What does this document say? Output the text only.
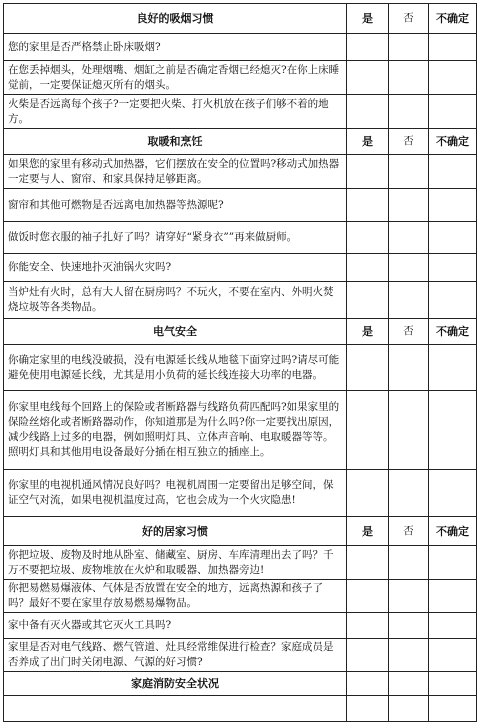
良好的吸烟习惯	是	否	不确定
您的家里是否严格禁止卧床吸烟?			
在您丢掉烟头，处理烟嘴、烟缸之前是否确定香烟已经熄灭?在你上床睡觉前，一定要保证熄灭所有的烟头。			
火柴是否远离每个孩子?一定要把火柴、打火机放在孩子们够不着的地方。			
取暖和烹饪	是	否	不确定
如果您的家里有移动式加热器，它们摆放在安全的位置吗?移动式加热器一定要与人、窗帘、和家具保持足够距离。			
窗帘和其他可燃物是否远离电加热器等热源呢?			
做饭时您衣服的袖子扎好了吗？请穿好“紧身衣””再来做厨师。			
你能安全、快速地扑灭油锅火灾吗?			
当炉灶有火时，总有大人留在厨房吗？不玩火，不要在室内、外明火焚烧垃圾等各类物品。			
电气安全	是	否	不确定
你确定家里的电线没破损，没有电源延长线从地毯下面穿过吗?请尽可能避免使用电源延长线，尤其是用小负荷的延长线连接大功率的电器。			
你家里电线每个回路上的保险或者断路器与线路负荷匹配吗?如果家里的保险丝熔化或者断路器动作，你知道那是为什么吗?你一定要找出原因，减少线路上过多的电器，例如照明灯具、立体声音响、电取暖器等等。照明灯具和其他用电设备最好分插在相互独立的插座上。			
你家里的电视机通风情况良好吗？电视机周围一定要留出足够空间，保证空气对流，如果电视机温度过高，它也会成为一个火灾隐患!			
好的居家习惯	是	否	不确定
你把垃圾、废物及时地从卧室、储藏室、厨房、车库清理出去了吗？千万不要把垃圾、废物堆放在火炉和取暖器、加热器旁边!			
你把易燃易爆液体、气体是否放置在安全的地方，远离热源和孩子了吗？最好不要在家里存放易燃易爆物品。			
家中备有灭火器或其它灭火工具吗?			
家里是否对电气线路、燃气管道、灶具经常维保进行检查？家庭成员是否养成了出门时关闭电源、气源的好习惯?			
家庭消防安全状况			
